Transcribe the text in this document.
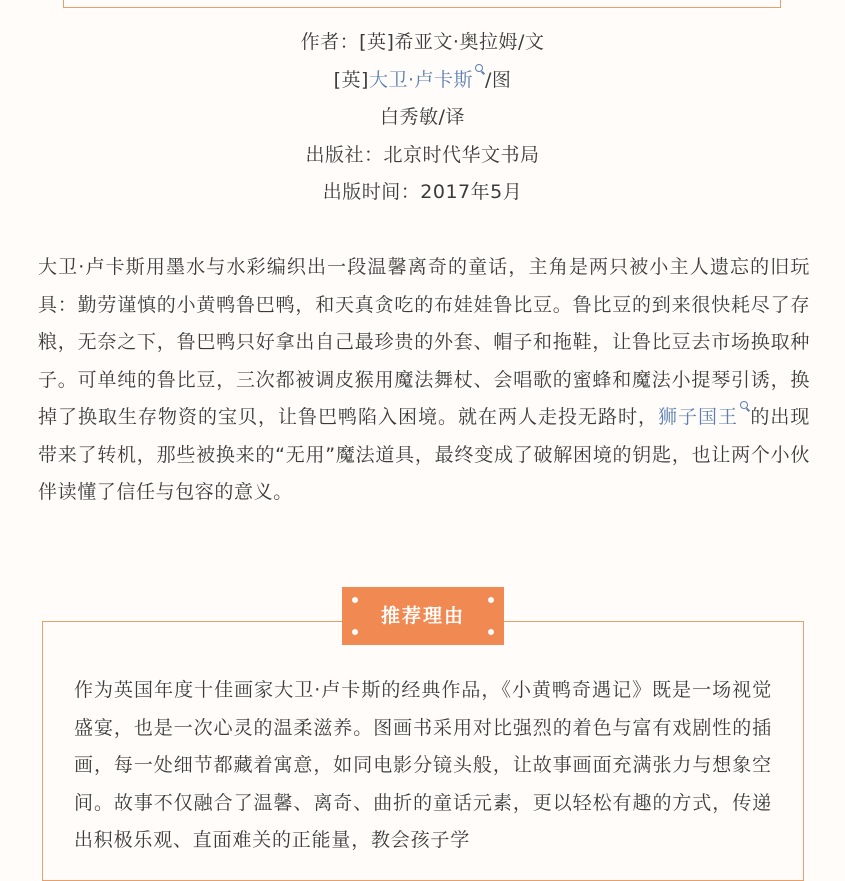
作者：[英]希亚文·奥拉姆/文
[英]大卫·卢卡斯 /图
白秀敏/译
出版社：北京时代华文书局
出版时间：2017年5月
大卫·卢卡斯用墨水与水彩编织出一段温馨离奇的童话，主角是两只被小主人遗忘的旧玩具：勤劳谨慎的小黄鸭鲁巴鸭，和天真贪吃的布娃娃鲁比豆。鲁比豆的到来很快耗尽了存粮，无奈之下，鲁巴鸭只好拿出自己最珍贵的外套、帽子和拖鞋，让鲁比豆去市场换取种子。可单纯的鲁比豆，三次都被调皮猴用魔法舞杖、会唱歌的蜜蜂和魔法小提琴引诱，换掉了换取生存物资的宝贝，让鲁巴鸭陷入困境。就在两人走投无路时，狮子国王 的出现带来了转机，那些被换来的“无用”魔法道具，最终变成了破解困境的钥匙，也让两个小伙伴读懂了信任与包容的意义。
推荐理由
作为英国年度十佳画家大卫·卢卡斯的经典作品，《小黄鸭奇遇记》既是一场视觉盛宴，也是一次心灵的温柔滋养。图画书采用对比强烈的着色与富有戏剧性的插画，每一处细节都藏着寓意，如同电影分镜头般，让故事画面充满张力与想象空间。故事不仅融合了温馨、离奇、曲折的童话元素，更以轻松有趣的方式，传递出积极乐观、直面难关的正能量，教会孩子学
